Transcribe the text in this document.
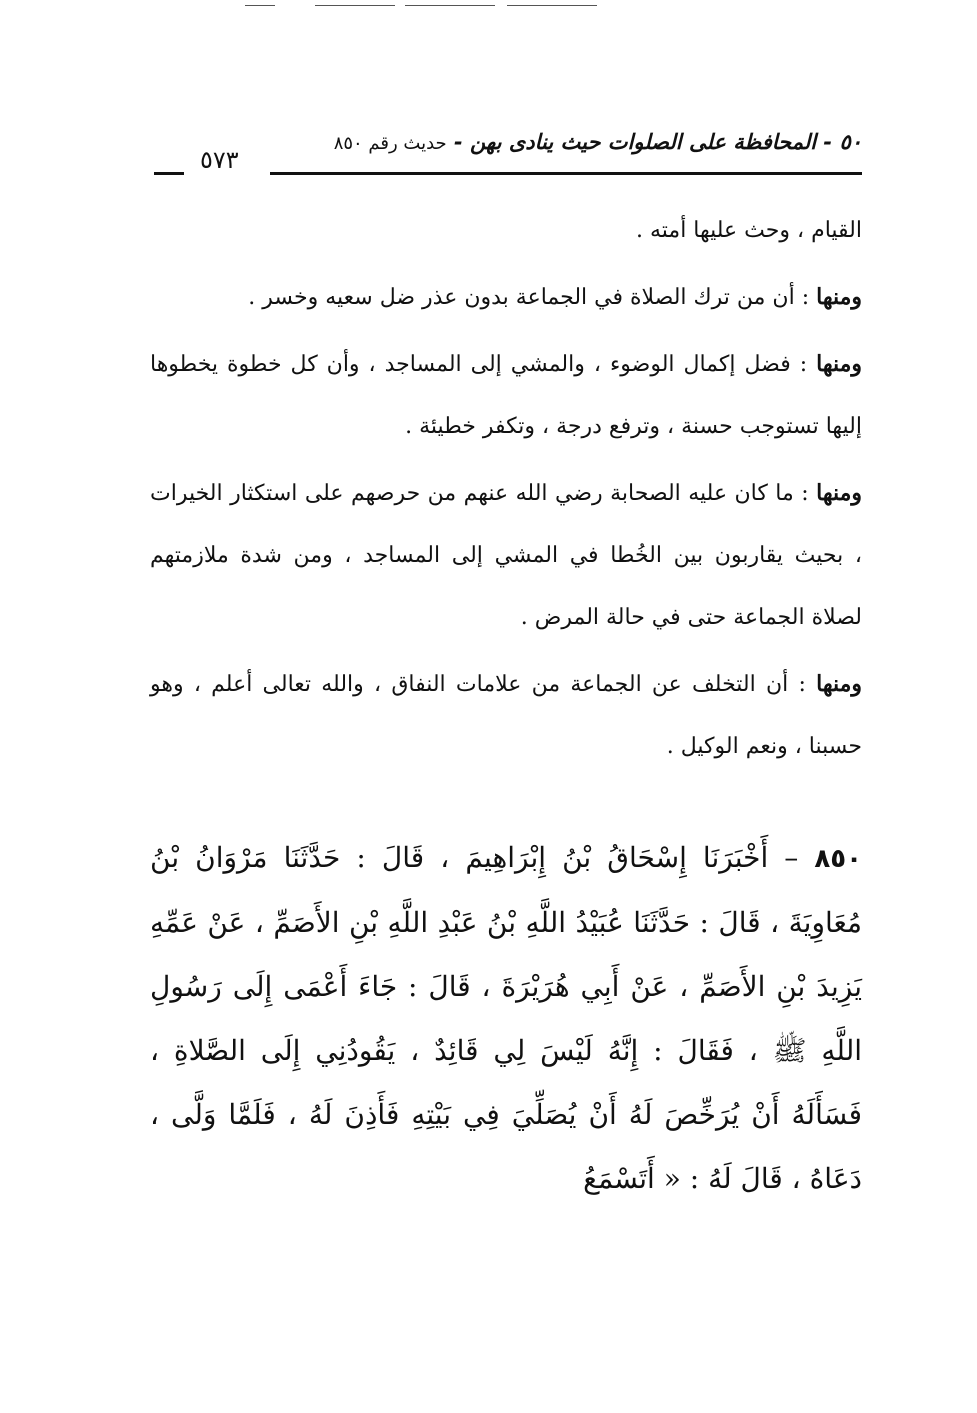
٥٠ - المحافظة على الصلوات حيث ينادى بهن - حديث رقم ٨٥٠
٥٧٣

القيام ، وحث عليها أمته .

ومنها : أن من ترك الصلاة في الجماعة بدون عذر ضل سعيه وخسر .

ومنها : فضل إكمال الوضوء ، والمشي إلى المساجد ، وأن كل خطوة يخطوها إليها تستوجب حسنة ، وترفع درجة ، وتكفر خطيئة .

ومنها : ما كان عليه الصحابة رضي الله عنهم من حرصهم على استكثار الخيرات ، بحيث يقاربون بين الخُطا في المشي إلى المساجد ، ومن شدة ملازمتهم لصلاة الجماعة حتى في حالة المرض .

ومنها : أن التخلف عن الجماعة من علامات النفاق ، والله تعالى أعلم ، وهو حسبنا ، ونعم الوكيل .

٨٥٠ – أَخْبَرَنَا إِسْحَاقُ بْنُ إِبْرَاهِيمَ ، قَالَ : حَدَّثَنَا مَرْوَانُ بْنُ مُعَاوِيَةَ ، قَالَ : حَدَّثَنَا عُبَيْدُ اللَّهِ بْنُ عَبْدِ اللَّهِ بْنِ الأَصَمِّ ، عَنْ عَمِّهِ يَزِيدَ بْنِ الأَصَمِّ ، عَنْ أَبِي هُرَيْرَةَ ، قَالَ : جَاءَ أَعْمَى إِلَى رَسُولِ اللَّهِ ﷺ ، فَقَالَ : إِنَّهُ لَيْسَ لِي قَائِدٌ ، يَقُودُنِي إِلَى الصَّلاةِ ، فَسَأَلَهُ أَنْ يُرَخِّصَ لَهُ أَنْ يُصَلِّيَ فِي بَيْتِهِ فَأَذِنَ لَهُ ، فَلَمَّا وَلَّى ، دَعَاهُ ، قَالَ لَهُ : « أَتَسْمَعُ
